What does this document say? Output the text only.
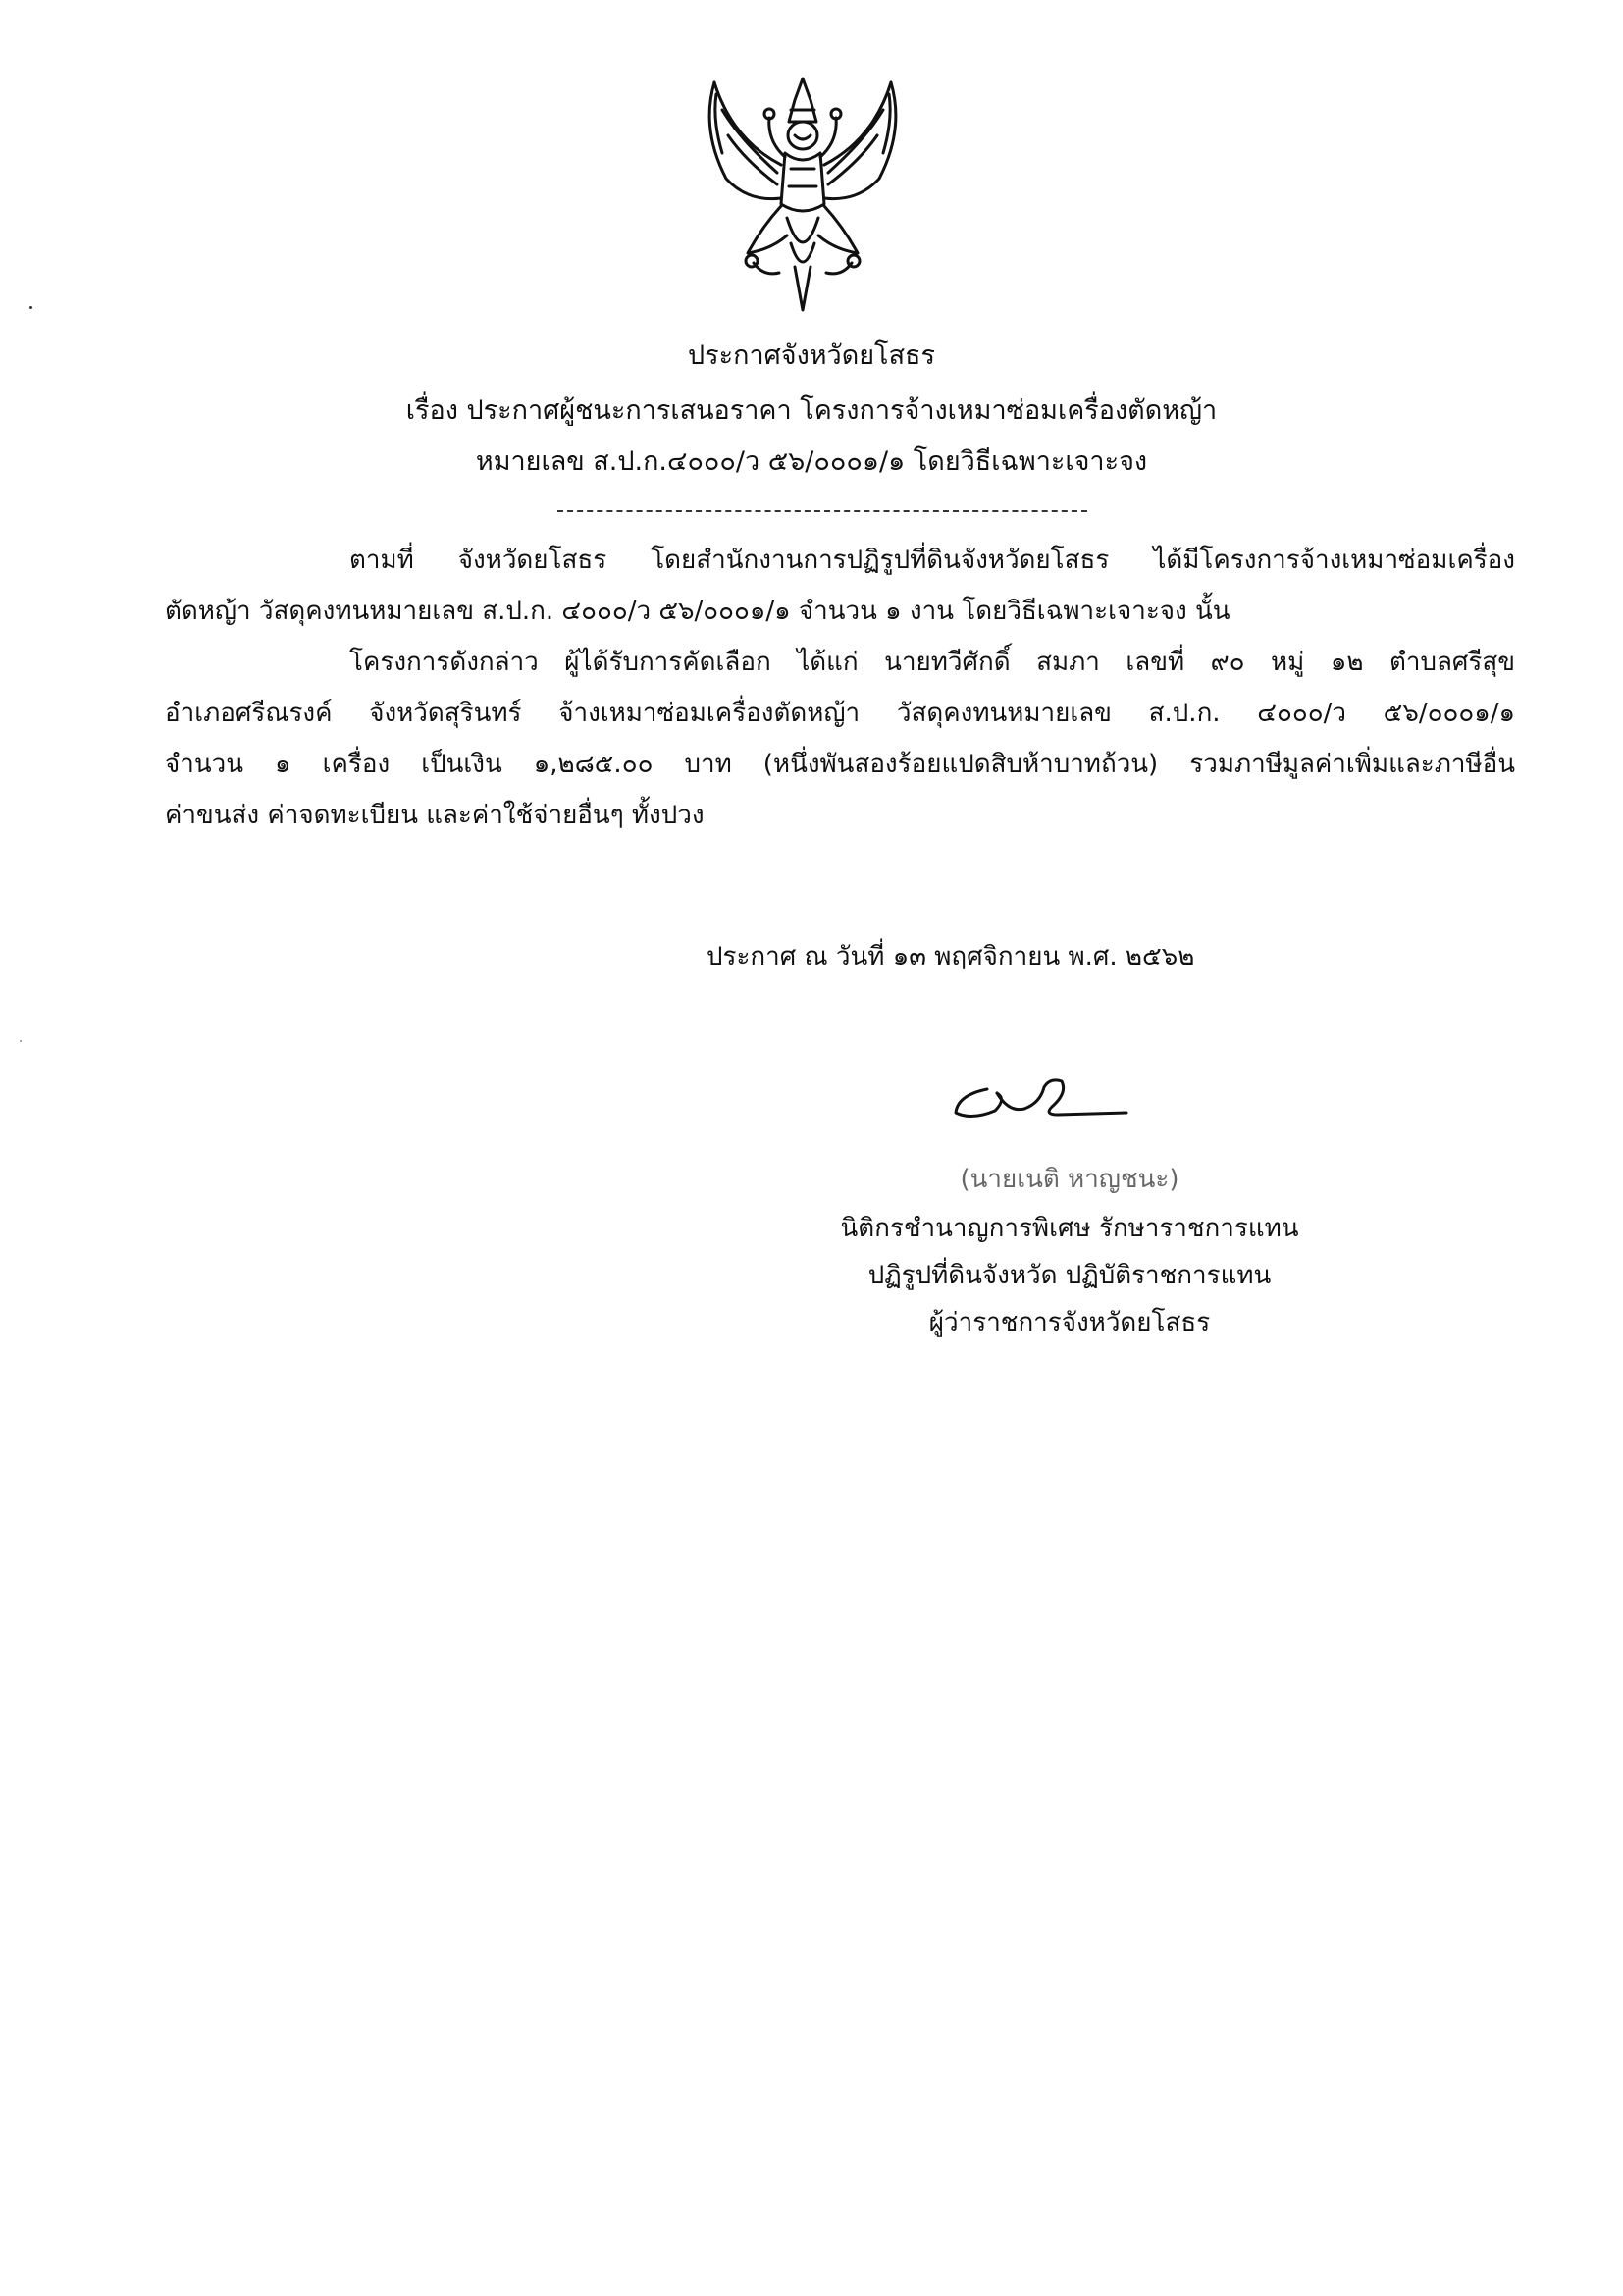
ประกาศจังหวัดยโสธร
เรื่อง ประกาศผู้ชนะการเสนอราคา โครงการจ้างเหมาซ่อมเครื่องตัดหญ้า
หมายเลข ส.ป.ก.๔๐๐๐/ว ๕๖/๐๐๐๑/๑ โดยวิธีเฉพาะเจาะจง
ตามที่ จังหวัดยโสธร โดยสำนักงานการปฏิรูปที่ดินจังหวัดยโสธร ได้มีโครงการจ้างเหมาซ่อมเครื่อง
ตัดหญ้า วัสดุคงทนหมายเลข ส.ป.ก. ๔๐๐๐/ว ๕๖/๐๐๐๑/๑ จำนวน ๑ งาน โดยวิธีเฉพาะเจาะจง นั้น
โครงการดังกล่าว ผู้ได้รับการคัดเลือก ได้แก่ นายทวีศักดิ์ สมภา เลขที่ ๙๐ หมู่ ๑๒ ตำบลศรีสุข
อำเภอศรีณรงค์ จังหวัดสุรินทร์ จ้างเหมาซ่อมเครื่องตัดหญ้า วัสดุคงทนหมายเลข ส.ป.ก. ๔๐๐๐/ว ๕๖/๐๐๐๑/๑
จำนวน ๑ เครื่อง เป็นเงิน ๑,๒๘๕.๐๐ บาท (หนึ่งพันสองร้อยแปดสิบห้าบาทถ้วน) รวมภาษีมูลค่าเพิ่มและภาษีอื่น
ค่าขนส่ง ค่าจดทะเบียน และค่าใช้จ่ายอื่นๆ ทั้งปวง
ประกาศ ณ วันที่ ๑๓ พฤศจิกายน พ.ศ. ๒๕๖๒
(นายเนติ หาญชนะ)
นิติกรชำนาญการพิเศษ รักษาราชการแทน
ปฏิรูปที่ดินจังหวัด ปฏิบัติราชการแทน
ผู้ว่าราชการจังหวัดยโสธร
